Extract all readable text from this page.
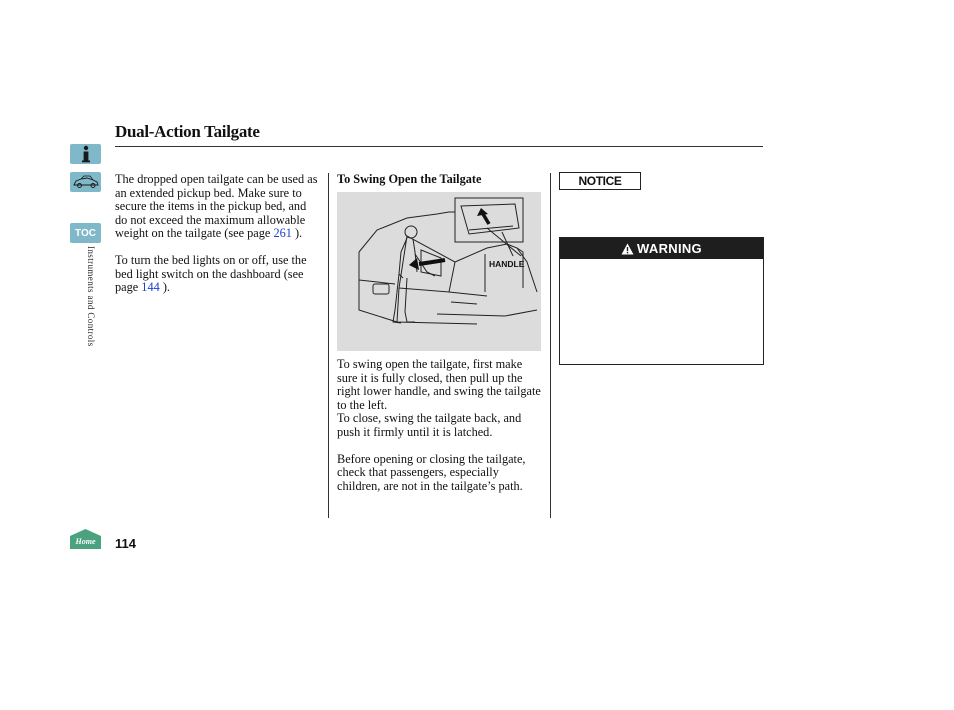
Dual-Action Tailgate
TOC
Instruments and Controls
Home 114

The dropped open tailgate can be used as an extended pickup bed. Make sure to secure the items in the pickup bed, and do not exceed the maximum allowable weight on the tailgate (see page 261 ).

To turn the bed lights on or off, use the bed light switch on the dashboard (see page 144 ).

To Swing Open the Tailgate
HANDLE

To swing open the tailgate, first make sure it is fully closed, then pull up the right lower handle, and swing the tailgate to the left.

To close, swing the tailgate back, and push it firmly until it is latched.

Before opening or closing the tailgate, check that passengers, especially children, are not in the tailgate’s path.

NOTICE
WARNING
